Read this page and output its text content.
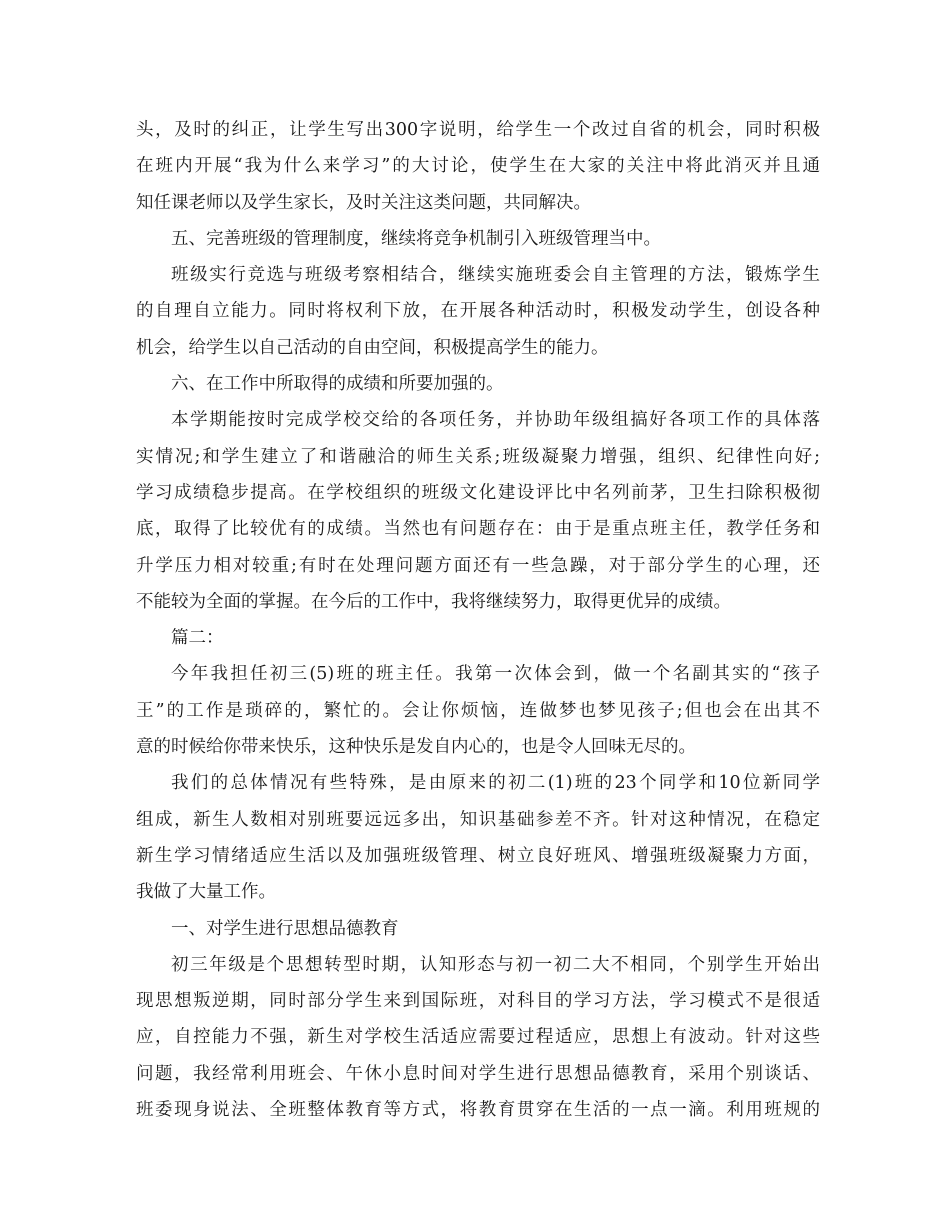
头，及时的纠正，让学生写出300字说明，给学生一个改过自省的机会，同时积极
在班内开展“我为什么来学习”的大讨论，使学生在大家的关注中将此消灭并且通
知任课老师以及学生家长，及时关注这类问题，共同解决。
五、完善班级的管理制度，继续将竞争机制引入班级管理当中。
班级实行竞选与班级考察相结合，继续实施班委会自主管理的方法，锻炼学生
的自理自立能力。同时将权利下放，在开展各种活动时，积极发动学生，创设各种
机会，给学生以自己活动的自由空间，积极提高学生的能力。
六、在工作中所取得的成绩和所要加强的。
本学期能按时完成学校交给的各项任务，并协助年级组搞好各项工作的具体落
实情况;和学生建立了和谐融洽的师生关系;班级凝聚力增强，组织、纪律性向好;
学习成绩稳步提高。在学校组织的班级文化建设评比中名列前茅，卫生扫除积极彻
底，取得了比较优有的成绩。当然也有问题存在：由于是重点班主任，教学任务和
升学压力相对较重;有时在处理问题方面还有一些急躁，对于部分学生的心理，还
不能较为全面的掌握。在今后的工作中，我将继续努力，取得更优异的成绩。
篇二：
今年我担任初三(5)班的班主任。我第一次体会到，做一个名副其实的“孩子
王”的工作是琐碎的，繁忙的。会让你烦恼，连做梦也梦见孩子;但也会在出其不
意的时候给你带来快乐，这种快乐是发自内心的，也是令人回味无尽的。
我们的总体情况有些特殊，是由原来的初二(1)班的23个同学和10位新同学
组成，新生人数相对别班要远远多出，知识基础参差不齐。针对这种情况，在稳定
新生学习情绪适应生活以及加强班级管理、树立良好班风、增强班级凝聚力方面，
我做了大量工作。
一、对学生进行思想品德教育
初三年级是个思想转型时期，认知形态与初一初二大不相同，个别学生开始出
现思想叛逆期，同时部分学生来到国际班，对科目的学习方法，学习模式不是很适
应，自控能力不强，新生对学校生活适应需要过程适应，思想上有波动。针对这些
问题，我经常利用班会、午休小息时间对学生进行思想品德教育，采用个别谈话、
班委现身说法、全班整体教育等方式，将教育贯穿在生活的一点一滴。利用班规的
